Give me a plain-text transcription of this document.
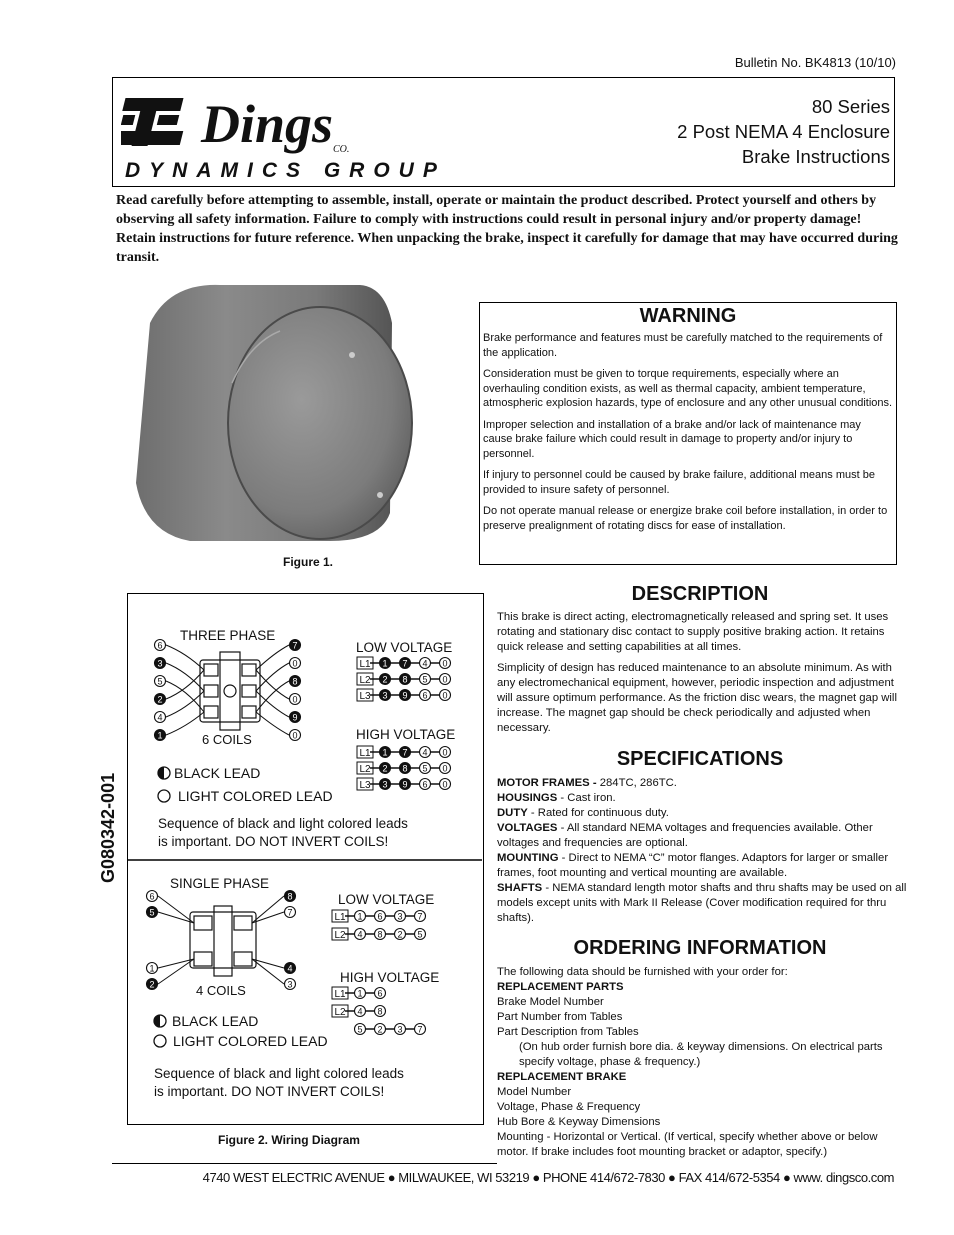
Bulletin No. BK4813 (10/10)
Dings CO.
DYNAMICS GROUP
80 Series
2 Post NEMA 4 Enclosure
Brake Instructions
Read carefully before attempting to assemble, install, operate or maintain the product described. Protect yourself and others by observing all safety information. Failure to comply with instructions could result in personal injury and/or property damage! Retain instructions for future reference. When unpacking the brake, inspect it carefully for damage that may have occurred during transit.
Figure 1.
WARNING

Brake performance and features must be carefully matched to the requirements of the application.

Consideration must be given to torque requirements, especially where an overhauling condition exists, as well as thermal capacity, ambient temperature, atmospheric explosion hazards, type of enclosure and any other unusual conditions.

Improper selection and installation of a brake and/or lack of maintenance may cause brake failure which could result in damage to property and/or injury to personnel.

If injury to personnel could be caused by brake failure, additional means must be provided to insure safety of personnel.

Do not operate manual release or energize brake coil before installation, in order to preserve prealignment of rotating discs for ease of installation.

G080342-001
THREE PHASE
6 COILS
LOW VOLTAGE
HIGH VOLTAGE
BLACK LEAD
LIGHT COLORED LEAD
Sequence of black and light colored leads
is important. DO NOT INVERT COILS!
L1 1 7 4 0
L2 2 8 5 0
L3 3 9 6 0
L1 1 7 4 0
L2 2 8 5 0
L3 3 9 6 0
6
3
5
2
4
1
7
0
8
0
9
0
SINGLE PHASE
4 COILS
LOW VOLTAGE
HIGH VOLTAGE
BLACK LEAD
LIGHT COLORED LEAD
Sequence of black and light colored leads
is important. DO NOT INVERT COILS!
L1 1 6 3 7
L2 4 8 2 5
L1 1 6
L2 4 8
5 2 3 7
6
5
1
2
8
7
4
3
Figure 2. Wiring Diagram
DESCRIPTION

This brake is direct acting, electromagnetically released and spring set. It uses rotating and stationary disc contact to supply positive braking action. It retains quick release and setting capabilities at all times.

Simplicity of design has reduced maintenance to an absolute minimum. As with any electromechanical equipment, however, periodic inspection and adjustment will assure optimum performance. As the friction disc wears, the magnet gap will increase. The magnet gap should be check periodically and adjusted when necessary.

SPECIFICATIONS
MOTOR FRAMES - 284TC, 286TC.
HOUSINGS - Cast iron.
DUTY - Rated for continuous duty.
VOLTAGES - All standard NEMA voltages and frequencies available. Other voltages and frequencies are optional.
MOUNTING - Direct to NEMA “C” motor flanges. Adaptors for larger or smaller frames, foot mounting and vertical mounting are available.
SHAFTS - NEMA standard length motor shafts and thru shafts may be used on all models except units with Mark II Release (Cover modification required for thru shafts).
ORDERING INFORMATION
The following data should be furnished with your order for:
REPLACEMENT PARTS
Brake Model Number
Part Number from Tables
Part Description from Tables
(On hub order furnish bore dia. & keyway dimensions. On electrical parts specify voltage, phase & frequency.)
REPLACEMENT BRAKE
Model Number
Voltage, Phase & Frequency
Hub Bore & Keyway Dimensions
Mounting - Horizontal or Vertical. (If vertical, specify whether above or below motor. If brake includes foot mounting bracket or adaptor, specify.)
4740 WEST ELECTRIC AVENUE ● MILWAUKEE, WI 53219 ● PHONE 414/672-7830 ● FAX 414/672-5354 ● www. dingsco.com
